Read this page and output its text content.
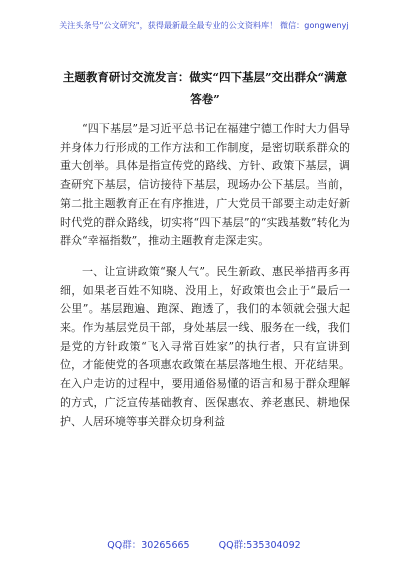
关注头条号"公文研究"，获得最新最全最专业的公文资料库！ 微信：gongwenyj
主题教育研讨交流发言：做实“四下基层”交出群众“满意答卷”

“四下基层”是习近平总书记在福建宁德工作时大力倡导并身体力行形成的工作方法和工作制度，是密切联系群众的重大创举。具体是指宣传党的路线、方针、政策下基层，调查研究下基层，信访接待下基层，现场办公下基层。当前，第二批主题教育正在有序推进，广大党员干部要主动走好新时代党的群众路线，切实将“四下基层”的“实践基数”转化为群众“幸福指数”，推动主题教育走深走实。

一、让宣讲政策“聚人气”。民生新政、惠民举措再多再细，如果老百姓不知晓、没用上，好政策也会止于“最后一公里”。基层跑遍、跑深、跑透了，我们的本领就会强大起来。作为基层党员干部，身处基层一线、服务在一线，我们是党的方针政策“飞入寻常百姓家”的执行者，只有宣讲到位，才能使党的各项惠农政策在基层落地生根、开花结果。在入户走访的过程中，要用通俗易懂的语言和易于群众理解的方式，广泛宣传基础教育、医保惠农、养老惠民、耕地保护、人居环境等事关群众切身利益

QQ群：30265665	QQ群:535304092
